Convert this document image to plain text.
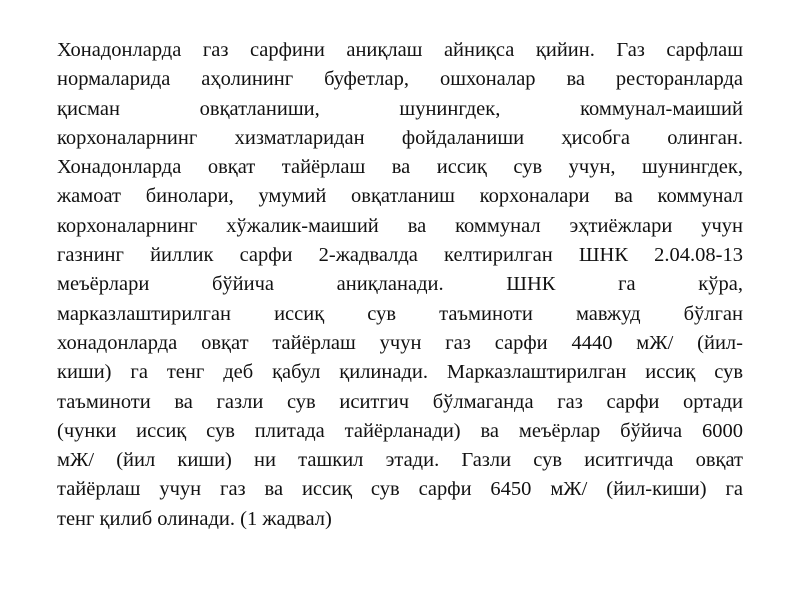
Хонадонларда газ сарфини аниқлаш айниқса қийин. Газ сарфлаш
нормаларида аҳолининг буфетлар, ошхоналар ва ресторанларда
қисман овқатланиши, шунингдек, коммунал-маиший
корхоналарнинг хизматларидан фойдаланиши ҳисобга олинган.
Хонадонларда овқат тайёрлаш ва иссиқ сув учун, шунингдек,
жамоат бинолари, умумий овқатланиш корхоналари ва коммунал
корхоналарнинг хўжалик-маиший ва коммунал эҳтиёжлари учун
газнинг йиллик сарфи 2-жадвалда келтирилган ШНК 2.04.08-13
меъёрлари бўйича аниқланади. ШНК га кўра,
марказлаштирилган иссиқ сув таъминоти мавжуд бўлган
хонадонларда овқат тайёрлаш учун газ сарфи 4440 мЖ/ (йил-
киши) га тенг деб қабул қилинади. Марказлаштирилган иссиқ сув
таъминоти ва газли сув иситгич бўлмаганда газ сарфи ортади
(чунки иссиқ сув плитада тайёрланади) ва меъёрлар бўйича 6000
мЖ/ (йил киши) ни ташкил этади. Газли сув иситгичда овқат
тайёрлаш учун газ ва иссиқ сув сарфи 6450 мЖ/ (йил-киши) га
тенг қилиб олинади. (1 жадвал)
